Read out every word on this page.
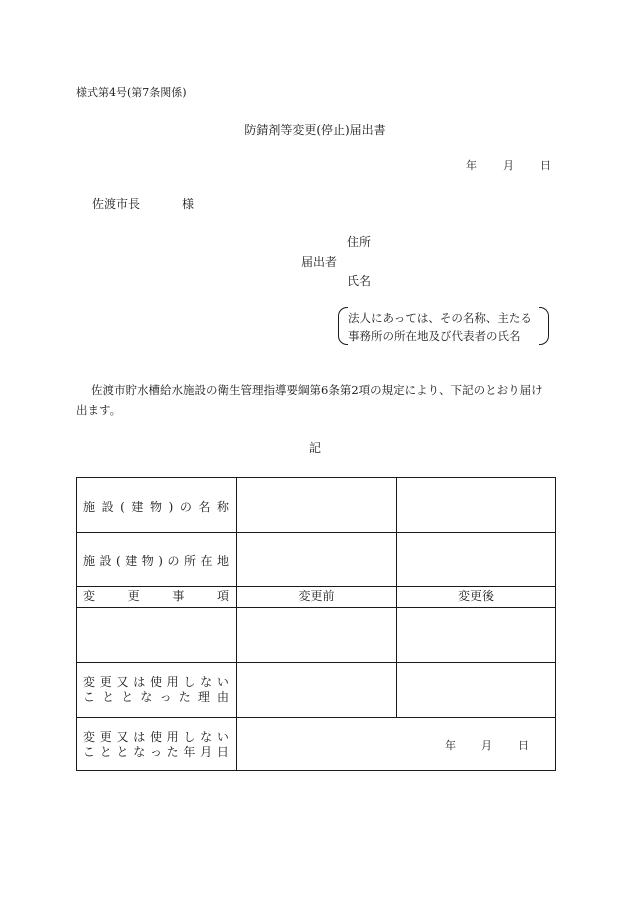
様式第4号(第7条関係)
防錆剤等変更(停止)届出書
年 月 日
佐渡市長	様
住所
届出者
氏名
法人にあっては、その名称、主たる
事務所の所在地及び代表者の氏名
佐渡市貯水槽給水施設の衛生管理指導要綱第6条第2項の規定により、下記のとおり届け
出ます。
記
施 設 ( 建 物 ) の 名 称
施 設 ( 建 物 ) の 所 在 地
変	更	事	項	変更前	変更後
変 更 又 は 使 用 し な い
こ と と な っ た 理 由
変 更 又 は 使 用 し な い
こ と と な っ た 年 月 日	年 月 日
